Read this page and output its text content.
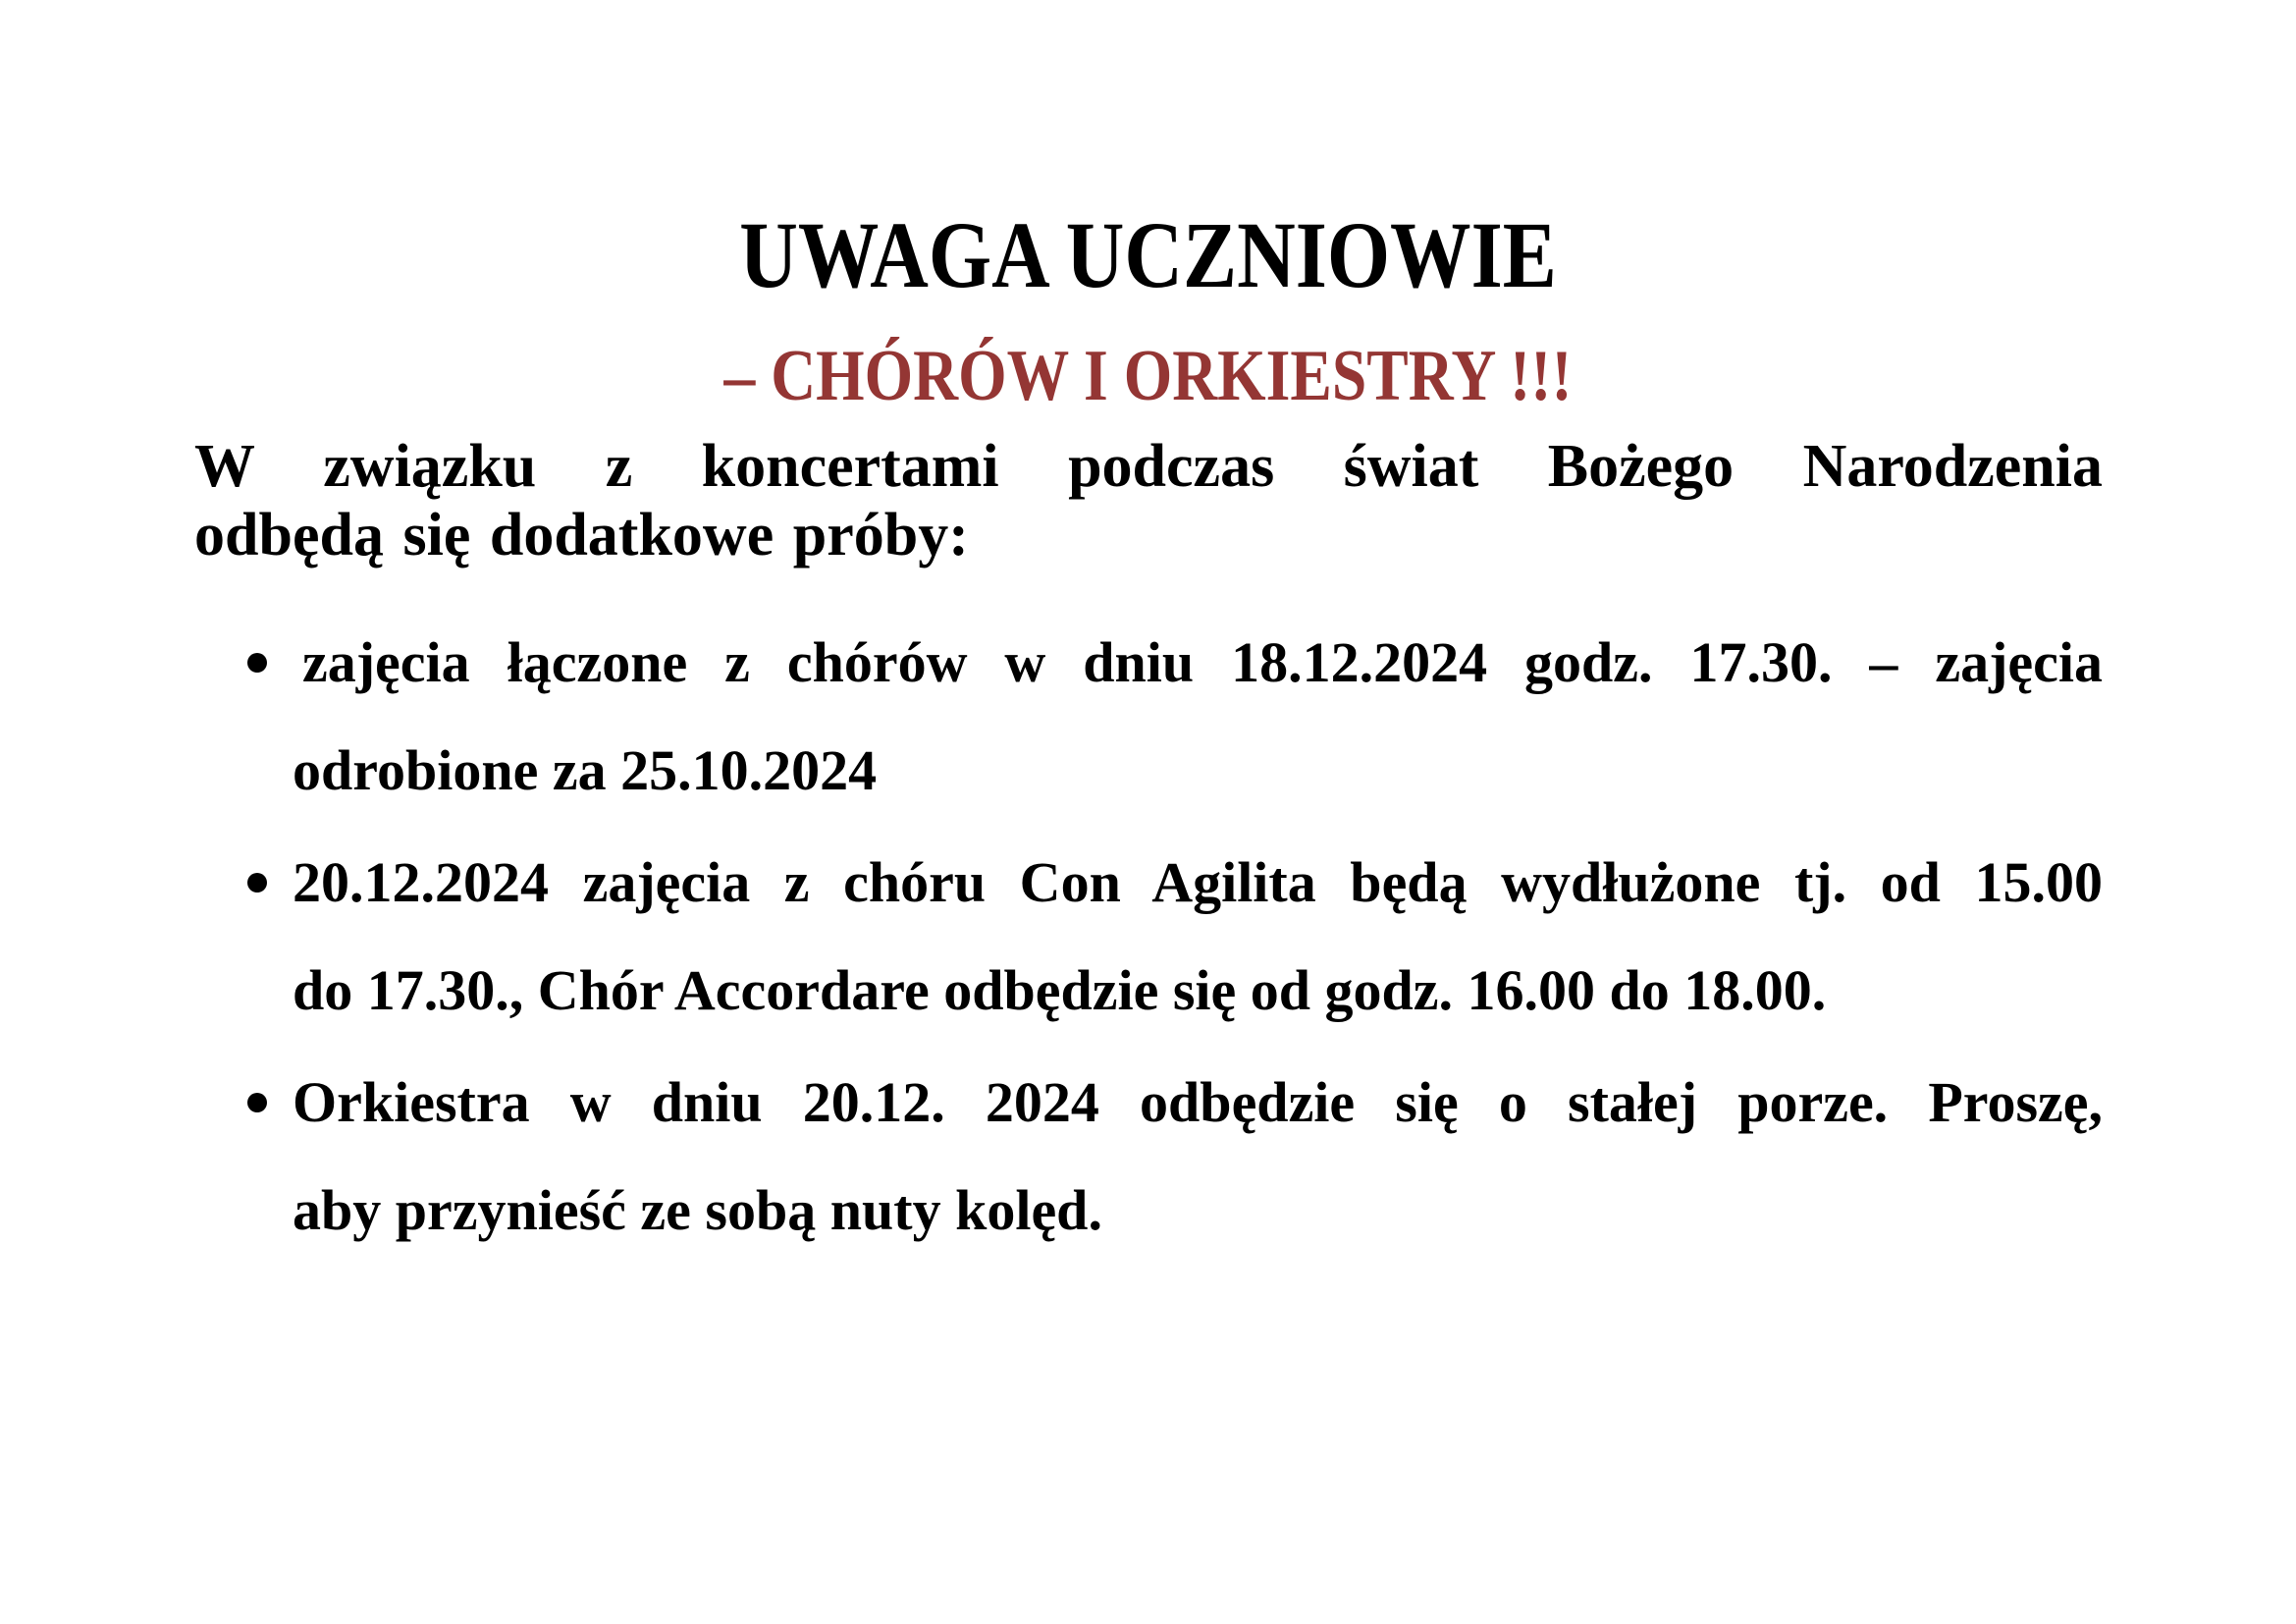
UWAGA UCZNIOWIE
– CHÓRÓW I ORKIESTRY !!!
W związku z koncertami podczas świat Bożego Narodzenia
odbędą się dodatkowe próby:
zajęcia łączone z chórów w dniu 18.12.2024 godz. 17.30. – zajęcia
odrobione za 25.10.2024
20.12.2024 zajęcia z chóru Con Agilita będą wydłużone tj. od 15.00
do 17.30., Chór Accordare odbędzie się od godz. 16.00 do 18.00.
Orkiestra w dniu 20.12. 2024 odbędzie się o stałej porze. Proszę,
aby przynieść ze sobą nuty kolęd.
